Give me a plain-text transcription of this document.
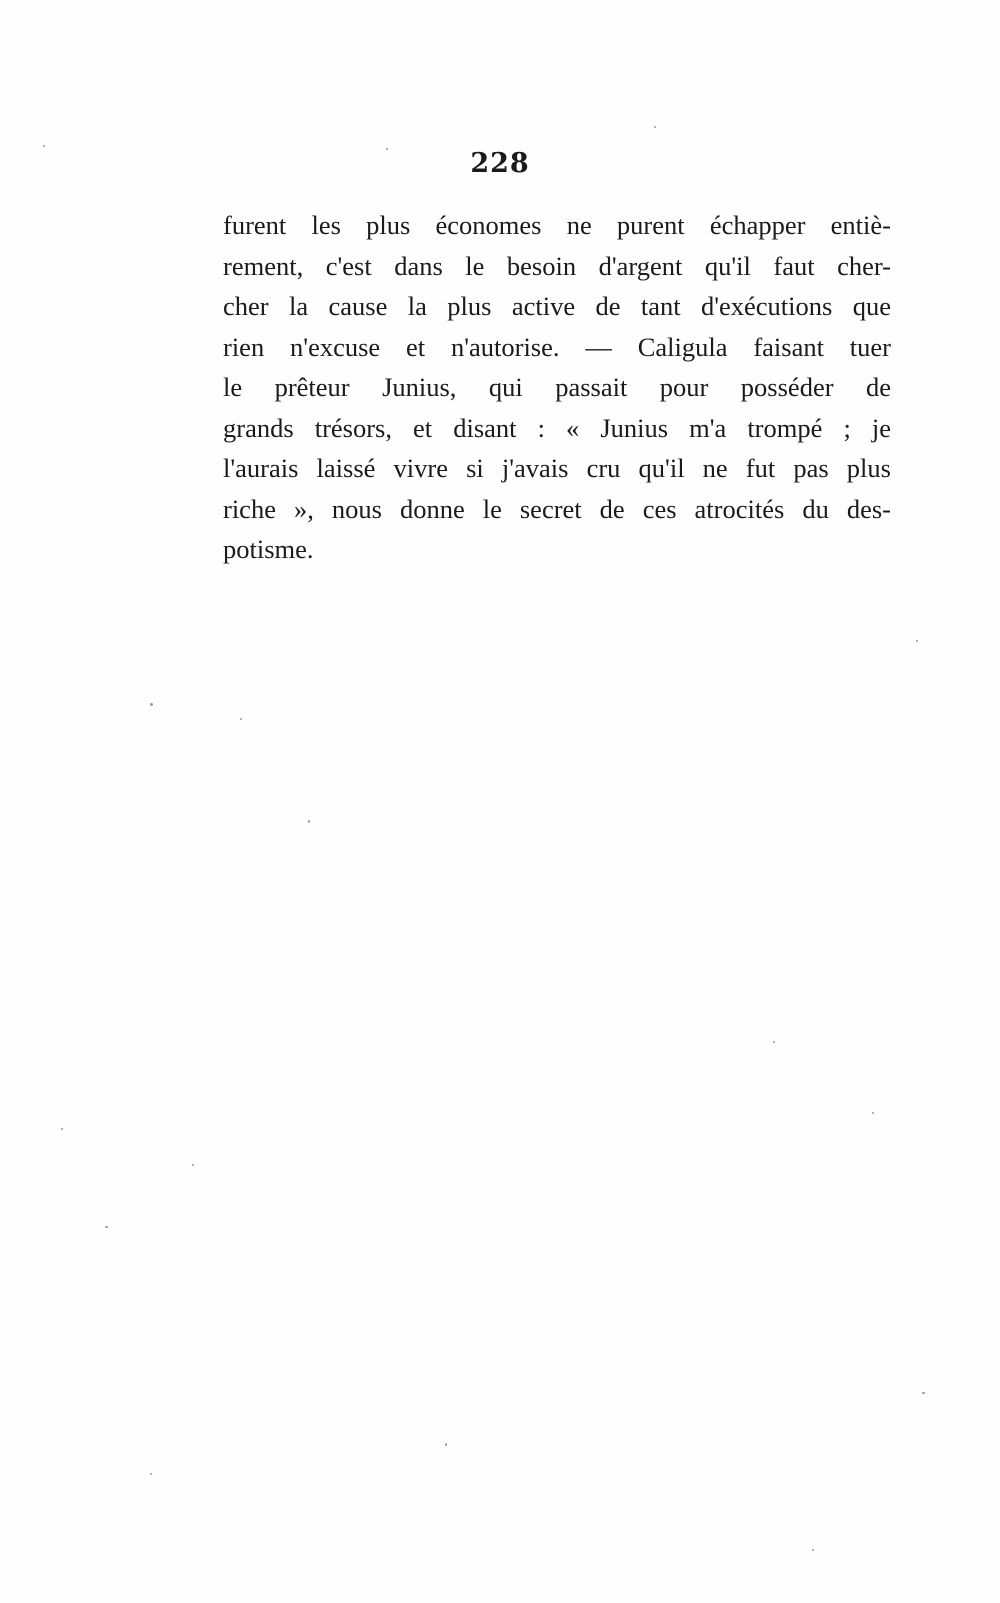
228
furent les plus économes ne purent échapper entiè-
rement, c'est dans le besoin d'argent qu'il faut cher-
cher la cause la plus active de tant d'exécutions que
rien n'excuse et n'autorise. — Caligula faisant tuer
le prêteur Junius, qui passait pour posséder de
grands trésors, et disant : « Junius m'a trompé ; je
l'aurais laissé vivre si j'avais cru qu'il ne fut pas plus
riche », nous donne le secret de ces atrocités du des-
potisme.
